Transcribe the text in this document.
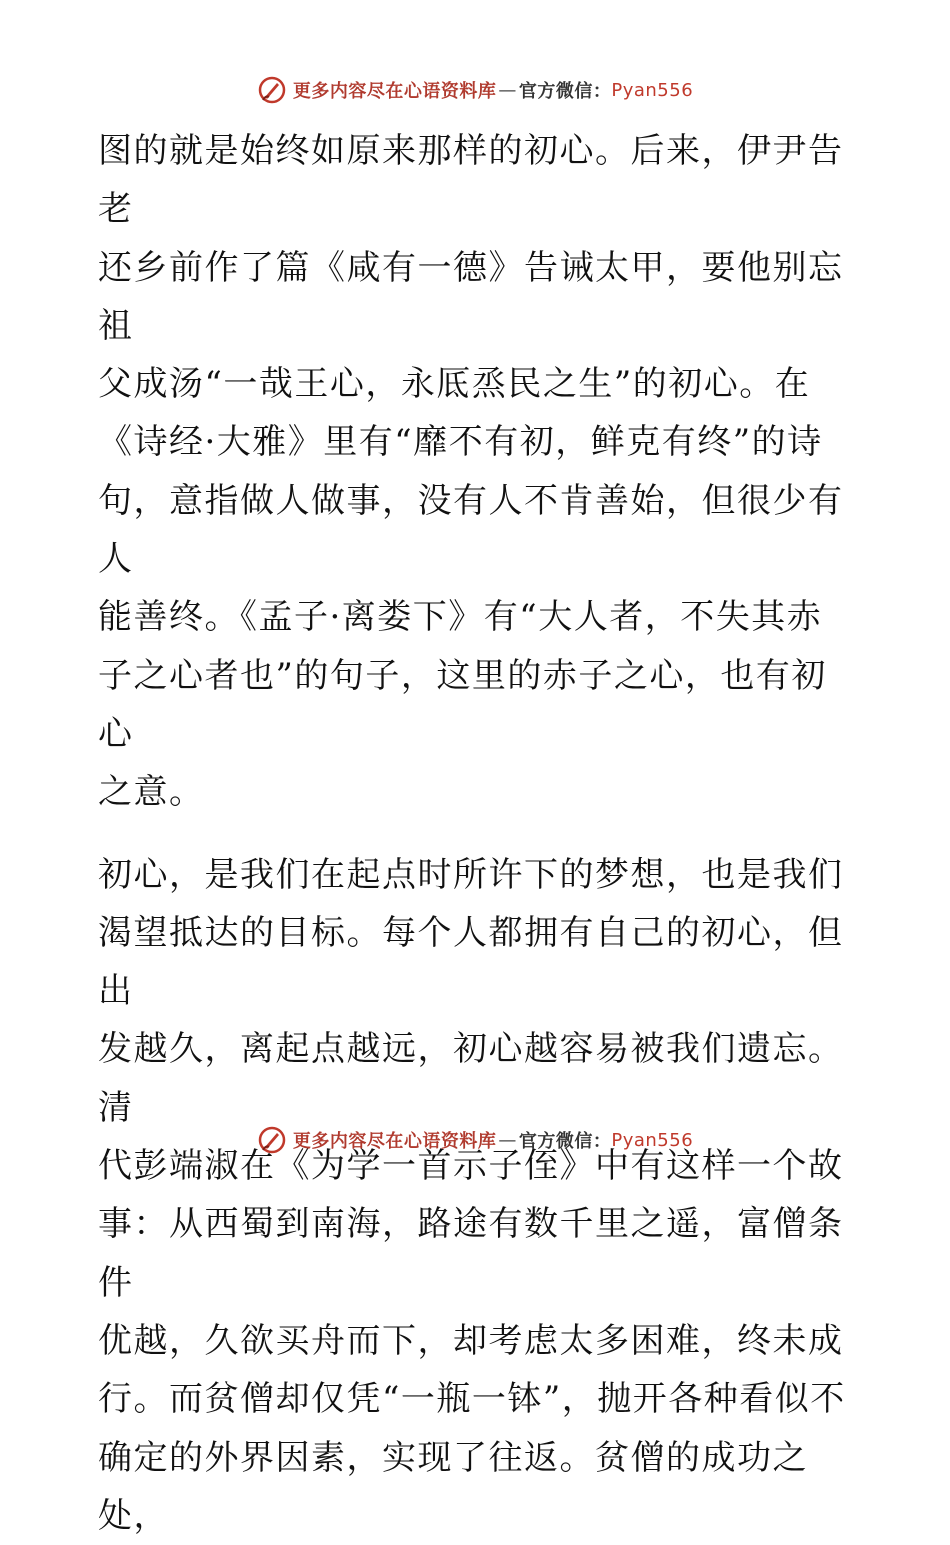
更多内容尽在心语资料库 — 官方微信： Pyan556

图的就是始终如原来那样的初心。后来，伊尹告老
还乡前作了篇《咸有一德》告诫太甲，要他别忘祖
父成汤“一哉王心，永厎烝民之生”的初心。在
《诗经·大雅》里有“靡不有初，鲜克有终”的诗
句，意指做人做事，没有人不肯善始，但很少有人
能善终。《孟子·离娄下》有“大人者，不失其赤
子之心者也”的句子，这里的赤子之心，也有初心
之意。

初心，是我们在起点时所许下的梦想，也是我们
渴望抵达的目标。每个人都拥有自己的初心，但出
发越久，离起点越远，初心越容易被我们遗忘。清
代彭端淑在《为学一首示子侄》中有这样一个故
事：从西蜀到南海，路途有数千里之遥，富僧条件
优越，久欲买舟而下，却考虑太多困难，终未成
行。而贫僧却仅凭“一瓶一钵”，抛开各种看似不
确定的外界因素，实现了往返。贫僧的成功之处，

更多内容尽在心语资料库 — 官方微信： Pyan556
